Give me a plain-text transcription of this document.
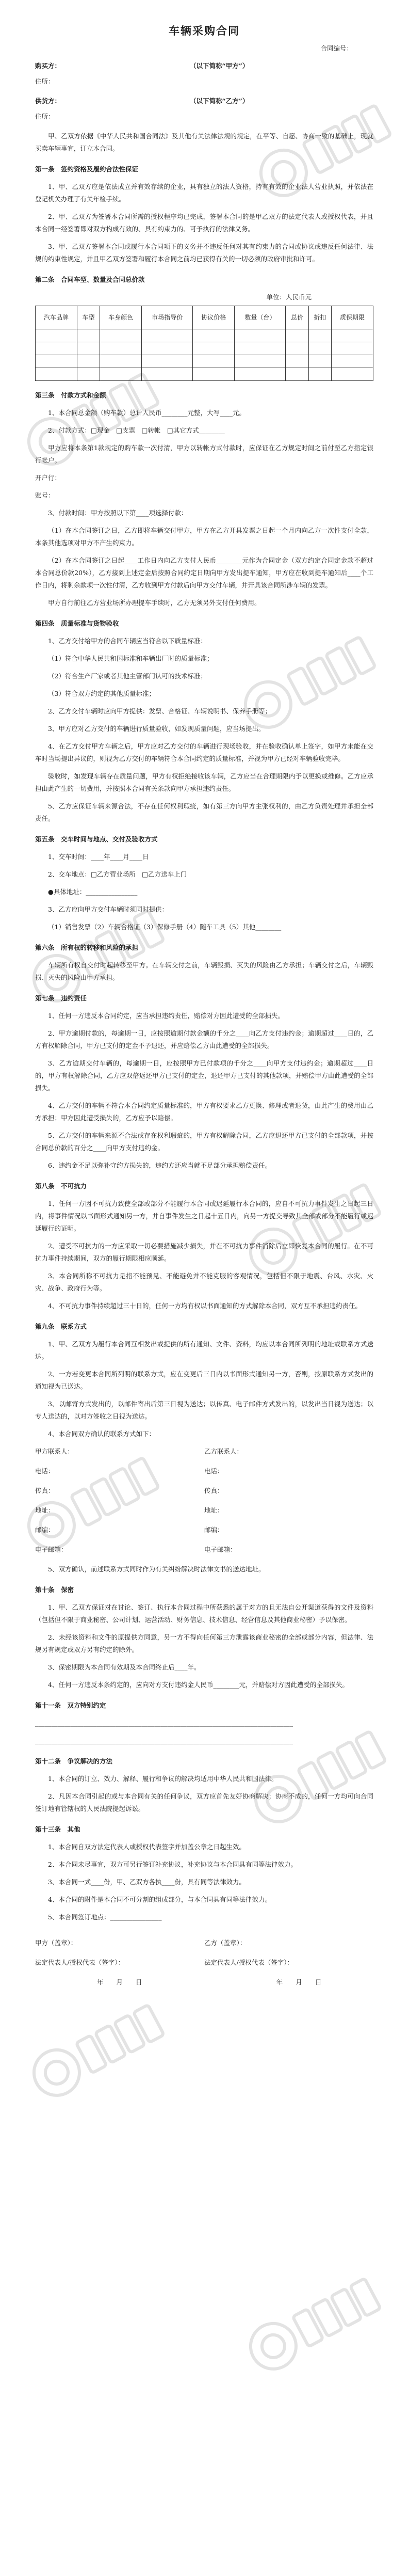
车辆采购合同
合同编号：
购买方：	（以下简称“甲方”）

住所：

供货方：	（以下简称“乙方”）

住所：

甲、乙双方依据《中华人民共和国合同法》及其他有关法律法规的规定，在平等、自愿、协商一致的基础上，现就买卖车辆事宜，订立本合同。

第一条　签约资格及履约合法性保证

1、甲、乙双方应是依法成立并有效存续的企业，具有独立的法人资格，持有有效的企业法人营业执照，并依法在登记机关办理了有关年检手续。

2、甲、乙双方为签署本合同所需的授权程序均已完成，签署本合同的是甲乙双方的法定代表人或授权代表，并且本合同一经签署即对双方构成有效的、具有约束力的、可予执行的法律义务。

3、甲、乙双方签署本合同或履行本合同项下的义务并不违反任何对其有约束力的合同或协议或违反任何法律、法规的约束性规定，并且甲乙双方签署和履行本合同之前均已获得有关的一切必须的政府审批和许可。

第二条　合同车型、数量及合同总价款
单位：人民币元
汽车品牌	车型	车身颜色	市场指导价	协议价格	数量（台）	总价	折扣	质保期限

第三条　付款方式和金额

1、本合同总金额（购车款）总计人民币________元整，大写____元。

2、付款方式：□现金　□支票　□转帐　□其它方式________

甲方应将本条第1款规定的购车款一次付清，甲方以转帐方式付款时，应保证在乙方规定时间之前付至乙方指定银行帐户。

开户行：

账号：

3、付款时间：甲方按照以下第____项选择付款：

（1）在本合同签订之日，乙方即将车辆交付甲方，甲方在乙方开具发票之日起一个月内向乙方一次性支付全款，本条其他选项对甲方不产生约束力。

（2）在本合同签订之日起____工作日内向乙方支付人民币________元作为合同定金（双方约定合同定金款不超过本合同总价款20%），乙方接到上述定金后按照合同约定日期向甲方发出提车通知，甲方应在收到提车通知后____个工作日内，将剩余款项一次性付清，乙方收到甲方付款后向甲方交付车辆，并开具该合同所涉车辆的发票。

甲方自行前往乙方营业场所办理提车手续时，乙方无须另外支付任何费用。

第四条　质量标准与货物验收

1、乙方交付给甲方的合同车辆应当符合以下质量标准：

（1）符合中华人民共和国标准和车辆出厂时的质量标准；

（2）符合生产厂家或者其他主管部门认可的技术标准；

（3）符合双方约定的其他质量标准；

2、乙方交付车辆时应向甲方提供：发票、合格证、车辆说明书、保养手册等；

3、甲方应对乙方交付的车辆进行质量验收，如发现质量问题，应当场提出。

4、在乙方交付甲方车辆之后，甲方应对乙方交付的车辆进行现场验收，并在验收确认单上签字，如甲方未能在交车时当场提出异议的，则视为乙方交付的车辆符合本合同约定的质量标准，并视为甲方已经对车辆验收完毕。

验收时，如发现车辆存在质量问题，甲方有权拒绝接收该车辆，乙方应当在合理期限内予以更换或维修。乙方应承担由此产生的一切费用，并按照本合同有关条款向甲方承担违约责任。

5、乙方应保证车辆来源合法，不存在任何权利瑕疵，如有第三方向甲方主张权利的，由乙方负责处理并承担全部责任。

第五条　交车时间与地点、交付及验收方式

1、交车时间：____年____月____日

2、交车地点：□乙方营业场所　□乙方送车上门

●具体地址：________________

3、乙方应向甲方交付车辆时须同时提供：

（1）销售发票（2）车辆合格证（3）保修手册（4）随车工具（5）其他________

第六条　所有权的转移和风险的承担

车辆所有权自交付时起转移至甲方。在车辆交付之前，车辆毁损、灭失的风险由乙方承担；车辆交付之后，车辆毁损、灭失的风险由甲方承担。

第七条　违约责任

1、任何一方违反本合同约定，应当承担违约责任，赔偿对方因此遭受的全部损失。

2、甲方逾期付款的，每逾期一日，应按照逾期付款金额的千分之____向乙方支付违约金；逾期超过____日的，乙方有权解除合同，甲方已支付的定金不予退还，并应赔偿乙方由此遭受的全部损失。

3、乙方逾期交付车辆的，每逾期一日，应按照甲方已付款项的千分之____向甲方支付违约金；逾期超过____日的，甲方有权解除合同，乙方应双倍返还甲方已支付的定金，退还甲方已支付的其他款项，并赔偿甲方由此遭受的全部损失。

4、乙方交付的车辆不符合本合同约定质量标准的，甲方有权要求乙方更换、修理或者退货，由此产生的费用由乙方承担；甲方因此遭受损失的，乙方应予以赔偿。

5、乙方交付的车辆来源不合法或存在权利瑕疵的，甲方有权解除合同，乙方应退还甲方已支付的全部款项，并按合同总价款的百分之____向甲方支付违约金。

6、违约金不足以弥补守约方损失的，违约方还应当就不足部分承担赔偿责任。

第八条　不可抗力

1、任何一方因不可抗力致使全部或部分不能履行本合同或迟延履行本合同的，应自不可抗力事件发生之日起三日内，将事件情况以书面形式通知另一方，并自事件发生之日起十五日内，向另一方提交导致其全部或部分不能履行或迟延履行的证明。

2、遭受不可抗力的一方应采取一切必要措施减少损失，并在不可抗力事件消除后立即恢复本合同的履行。在不可抗力事件持续期间，双方的履行期限相应顺延。

3、本合同所称不可抗力是指不能预见、不能避免并不能克服的客观情况，包括但不限于地震、台风、水灾、火灾、战争、政府行为等。

4、不可抗力事件持续超过三十日的，任何一方均有权以书面通知的方式解除本合同，双方互不承担违约责任。

第九条　联系方式

1、甲、乙双方为履行本合同互相发出或提供的所有通知、文件、资料，均应以本合同所列明的地址或联系方式送达。

2、一方若变更本合同所列明的联系方式，应在变更后三日内以书面形式通知另一方，否则，按原联系方式发出的通知视为已送达。

3、以邮寄方式发出的，以邮件寄出后第三日视为送达；以传真、电子邮件方式发出的，以发出当日视为送达；以专人送达的，以对方签收之日视为送达。

4、本合同双方确认的联系方式如下：

甲方联系人：	乙方联系人：
电话：	电话：
传真：	传真：
地址：	地址：
邮编：	邮编：
电子邮箱：	电子邮箱：

5、双方确认，前述联系方式同时作为有关纠纷解决时法律文书的送达地址。

第十条　保密

1、甲、乙双方保证对在讨论、签订、执行本合同过程中所获悉的属于对方的且无法自公开渠道获得的文件及资料（包括但不限于商业秘密、公司计划、运营活动、财务信息、技术信息、经营信息及其他商业秘密）予以保密。

2、未经该资料和文件的原提供方同意，另一方不得向任何第三方泄露该商业秘密的全部或部分内容，但法律、法规另有规定或双方另有约定的除外。

3、保密期限为本合同有效期及本合同终止后____年。

4、任何一方违反本条约定的，应向对方支付违约金人民币________元，并赔偿对方因此遭受的全部损失。

第十一条　双方特别约定

________________________________________________________________________________

________________________________________________________________________________

第十二条　争议解决的方法

1、本合同的订立、效力、解释、履行和争议的解决均适用中华人民共和国法律。

2、凡因本合同引起的或与本合同有关的任何争议，双方应首先友好协商解决；协商不成的，任何一方均可向合同签订地有管辖权的人民法院提起诉讼。

第十三条　其他

1、本合同自双方法定代表人或授权代表签字并加盖公章之日起生效。

2、本合同未尽事宜，双方可另行签订补充协议，补充协议与本合同具有同等法律效力。

3、本合同一式____份，甲、乙双方各执____份，具有同等法律效力。

4、本合同的附件是本合同不可分割的组成部分，与本合同具有同等法律效力。

5、本合同签订地点：________________

甲方（盖章）：	乙方（盖章）：
法定代表人/授权代表（签字）：	法定代表人/授权代表（签字）：
年　　月　　日	年　　月　　日
